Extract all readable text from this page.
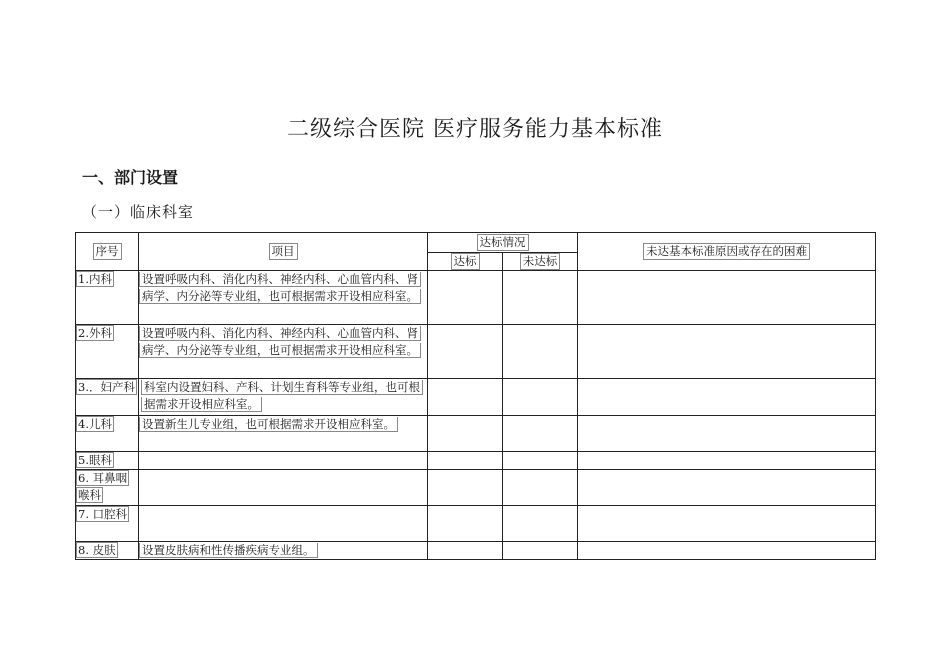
二级综合医院 医疗服务能力基本标准
一、部门设置
（一）临床科室
序号	项目	达标情况		未达基本标准原因或存在的困难
		达标	未达标	
1.内科	设置呼吸内科、消化内科、神经内科、心血管内科、肾病学、内分泌等专业组，也可根据需求开设相应科室。			
2.外科	设置呼吸内科、消化内科、神经内科、心血管内科、肾病学、内分泌等专业组，也可根据需求开设相应科室。			
3.．妇产科	科室内设置妇科、产科、计划生育科等专业组，也可根据需求开设相应科室。			
4.儿科	设置新生儿专业组，也可根据需求开设相应科室。			
5.眼科				
6. 耳鼻咽喉科				
7. 口腔科				
8. 皮肤	设置皮肤病和性传播疾病专业组。			
